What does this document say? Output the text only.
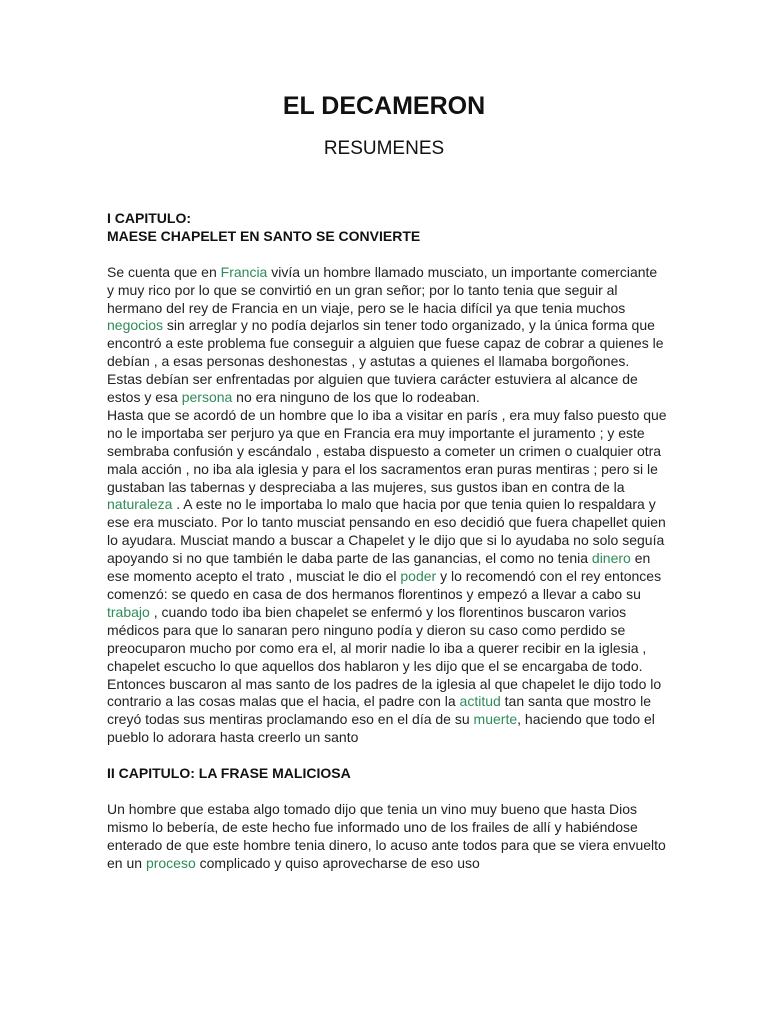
EL DECAMERON
RESUMENES

I CAPITULO:
MAESE CHAPELET EN SANTO SE CONVIERTE

Se cuenta que en Francia vivía un hombre llamado musciato, un importante comerciante y muy rico por lo que se convirtió en un gran señor; por lo tanto tenia que seguir al hermano del rey de Francia en un viaje, pero se le hacia difícil ya que tenia muchos negocios sin arreglar y no podía dejarlos sin tener todo organizado, y la única forma que encontró a este problema fue conseguir a alguien que fuese capaz de cobrar a quienes le debían , a esas personas deshonestas , y astutas a quienes el llamaba borgoñones. Estas debían ser enfrentadas por alguien que tuviera carácter estuviera al alcance de estos y esa persona no era ninguno de los que lo rodeaban.

Hasta que se acordó de un hombre que lo iba a visitar en parís , era muy falso puesto que no le importaba ser perjuro ya que en Francia era muy importante el juramento ; y este sembraba confusión y escándalo , estaba dispuesto a cometer un crimen o cualquier otra mala acción , no iba ala iglesia y para el los sacramentos eran puras mentiras ; pero si le gustaban las tabernas y despreciaba a las mujeres, sus gustos iban en contra de la naturaleza . A este no le importaba lo malo que hacia por que tenia quien lo respaldara y ese era musciato. Por lo tanto musciat pensando en eso decidió que fuera chapellet quien lo ayudara. Musciat mando a buscar a Chapelet y le dijo que si lo ayudaba no solo seguía apoyando si no que también le daba parte de las ganancias, el como no tenia dinero en ese momento acepto el trato , musciat le dio el poder y lo recomendó con el rey entonces comenzó: se quedo en casa de dos hermanos florentinos y empezó a llevar a cabo su trabajo , cuando todo iba bien chapelet se enfermó y los florentinos buscaron varios médicos para que lo sanaran pero ninguno podía y dieron su caso como perdido se preocuparon mucho por como era el, al morir nadie lo iba a querer recibir en la iglesia , chapelet escucho lo que aquellos dos hablaron y les dijo que el se encargaba de todo. Entonces buscaron al mas santo de los padres de la iglesia al que chapelet le dijo todo lo contrario a las cosas malas que el hacia, el padre con la actitud tan santa que mostro le creyó todas sus mentiras proclamando eso en el día de su muerte, haciendo que todo el pueblo lo adorara hasta creerlo un santo

II CAPITULO: LA FRASE MALICIOSA

Un hombre que estaba algo tomado dijo que tenia un vino muy bueno que hasta Dios mismo lo bebería, de este hecho fue informado uno de los frailes de allí y habiéndose enterado de que este hombre tenia dinero, lo acuso ante todos para que se viera envuelto en un proceso complicado y quiso aprovecharse de eso uso
